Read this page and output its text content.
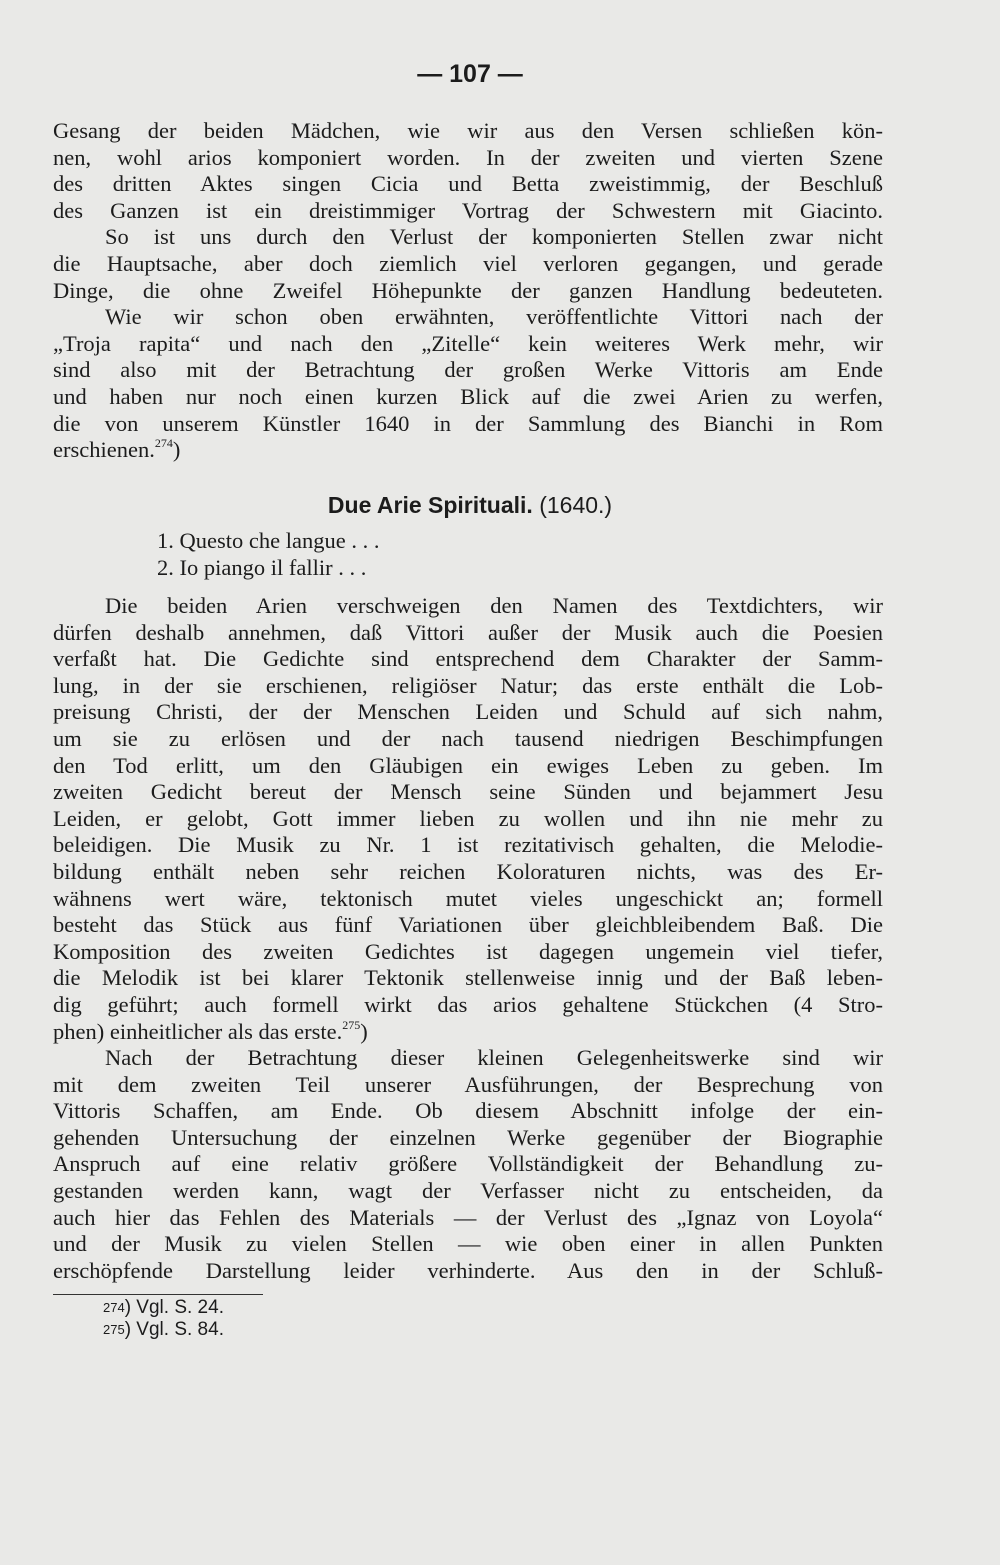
— 107 —
Gesang der beiden Mädchen, wie wir aus den Versen schließen kön-
nen, wohl arios komponiert worden. In der zweiten und vierten Szene
des dritten Aktes singen Cicia und Betta zweistimmig, der Beschluß
des Ganzen ist ein dreistimmiger Vortrag der Schwestern mit Giacinto.
So ist uns durch den Verlust der komponierten Stellen zwar nicht
die Hauptsache, aber doch ziemlich viel verloren gegangen, und gerade
Dinge, die ohne Zweifel Höhepunkte der ganzen Handlung bedeuteten.
Wie wir schon oben erwähnten, veröffentlichte Vittori nach der
„Troja rapita“ und nach den „Zitelle“ kein weiteres Werk mehr, wir
sind also mit der Betrachtung der großen Werke Vittoris am Ende
und haben nur noch einen kurzen Blick auf die zwei Arien zu werfen,
die von unserem Künstler 1640 in der Sammlung des Bianchi in Rom
erschienen.$^{274}$)
Due Arie Spirituali. (1640.)
1. Questo che langue . . .
2. Io piango il fallir . . .
Die beiden Arien verschweigen den Namen des Textdichters, wir
dürfen deshalb annehmen, daß Vittori außer der Musik auch die Poesien
verfaßt hat. Die Gedichte sind entsprechend dem Charakter der Samm-
lung, in der sie erschienen, religiöser Natur; das erste enthält die Lob-
preisung Christi, der der Menschen Leiden und Schuld auf sich nahm,
um sie zu erlösen und der nach tausend niedrigen Beschimpfungen
den Tod erlitt, um den Gläubigen ein ewiges Leben zu geben. Im
zweiten Gedicht bereut der Mensch seine Sünden und bejammert Jesu
Leiden, er gelobt, Gott immer lieben zu wollen und ihn nie mehr zu
beleidigen. Die Musik zu Nr. 1 ist rezitativisch gehalten, die Melodie-
bildung enthält neben sehr reichen Koloraturen nichts, was des Er-
wähnens wert wäre, tektonisch mutet vieles ungeschickt an; formell
besteht das Stück aus fünf Variationen über gleichbleibendem Baß. Die
Komposition des zweiten Gedichtes ist dagegen ungemein viel tiefer,
die Melodik ist bei klarer Tektonik stellenweise innig und der Baß leben-
dig geführt; auch formell wirkt das arios gehaltene Stückchen (4 Stro-
phen) einheitlicher als das erste.$^{275}$)
Nach der Betrachtung dieser kleinen Gelegenheitswerke sind wir
mit dem zweiten Teil unserer Ausführungen, der Besprechung von
Vittoris Schaffen, am Ende. Ob diesem Abschnitt infolge der ein-
gehenden Untersuchung der einzelnen Werke gegenüber der Biographie
Anspruch auf eine relativ größere Vollständigkeit der Behandlung zu-
gestanden werden kann, wagt der Verfasser nicht zu entscheiden, da
auch hier das Fehlen des Materials — der Verlust des „Ignaz von Loyola“
und der Musik zu vielen Stellen — wie oben einer in allen Punkten
erschöpfende Darstellung leider verhinderte. Aus den in der Schluß-
$^{274}$) Vgl. S. 24.
$^{275}$) Vgl. S. 84.
